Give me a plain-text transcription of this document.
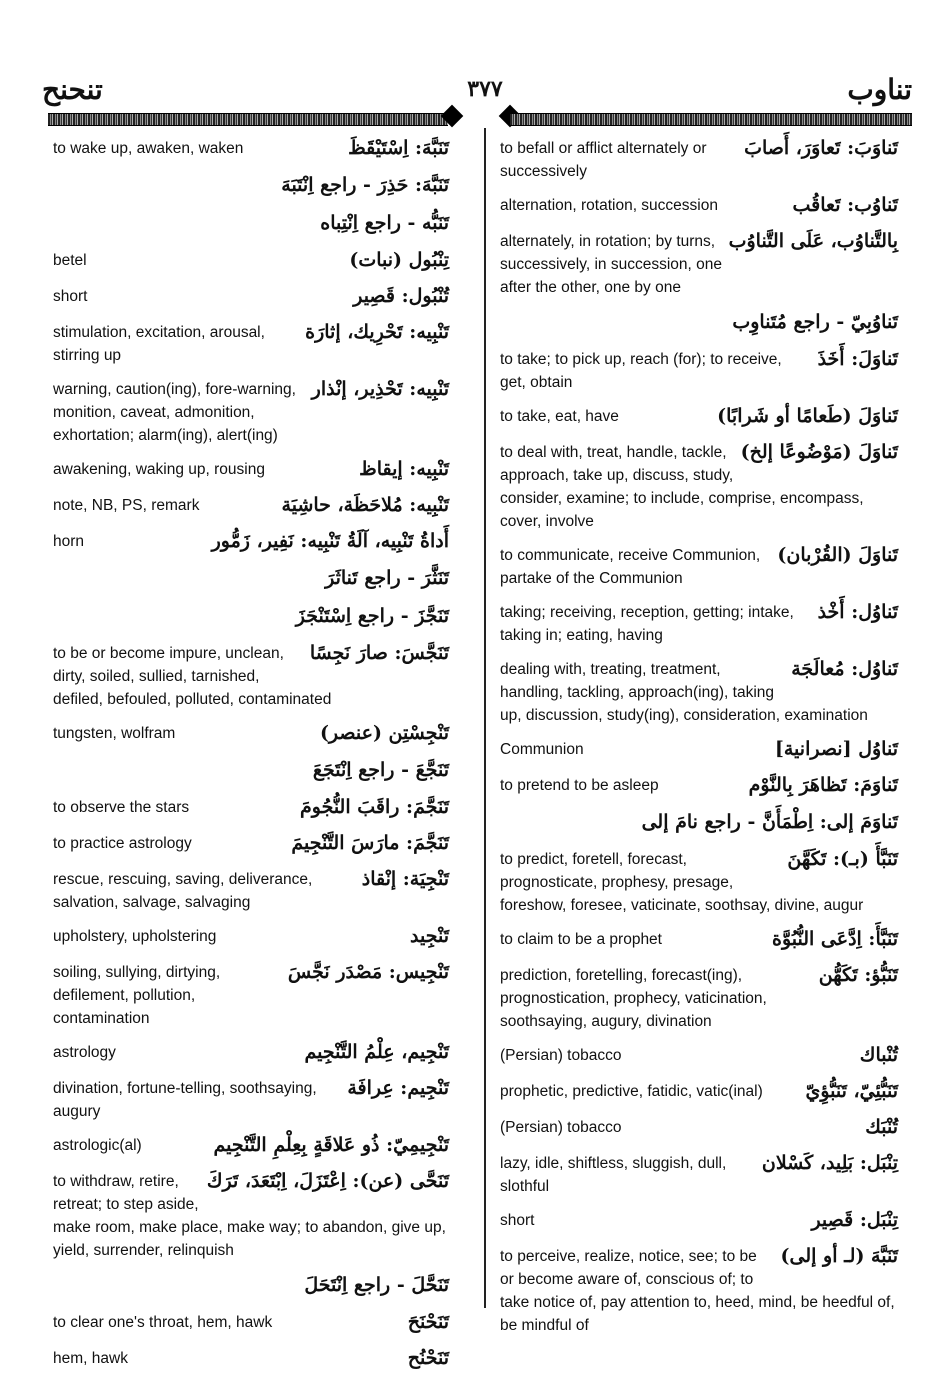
تنحنح	٣٧٧	تناوب
تَنَبَّهَ: اِسْتَيْقَظَ
to wake up, awaken, waken
تَنَبَّهَ: حَذِرَ - راجع اِنْتَبَهَ
تَنَبُّه - راجع اِنْتِباه
تِنْبُول (نبات)
betel
تُنْبُول: قَصِير
short
تَنْبِيه: تَحْرِيك، إثارَة
stimulation, excitation, arousal, stirring up
تَنْبِيه: تَحْذِير، إنْذار
warning, caution(ing), fore-warning, monition, caveat, admonition, exhortation; alarm(ing), alert(ing)
تَنْبِيه: إيقاظ
awakening, waking up, rousing
تَنْبِيه: مُلاحَظَة، حاشِيَة
note, NB, PS, remark
أَداةُ تَنْبِيه، آلَةُ تَنْبِيه: نَفِير، زَمُّور
horn
تَنَثَّرَ - راجع تَناثَرَ
تَنَجَّزَ - راجع اِسْتَنْجَزَ
تَنَجَّسَ: صارَ نَجِسًا
to be or become impure, unclean, dirty, soiled, sullied, tarnished, defiled, befouled, polluted, contaminated
تَنْجِسْتِن (عنصر)
tungsten, wolfram
تَنَجَّعَ - راجع اِنْتَجَعَ
تَنَجَّمَ: راقَبَ النُّجُومَ
to observe the stars
تَنَجَّمَ: مارَسَ التَّنْجِيمَ
to practice astrology
تَنْجِيَة: إنْقاذ
rescue, rescuing, saving, deliverance, salvation, salvage, salvaging
تَنْجِيد
upholstery, upholstering
تَنْجِيس: مَصْدَر نَجَّسَ
soiling, sullying, dirtying, defilement, pollution, contamination
تَنْجِيم، عِلْمُ التَّنْجِيم
astrology
تَنْجِيم: عِرافَة
divination, fortune-telling, soothsaying, augury
تَنْجِيمِيّ: ذُو عَلاقَةٍ بِعِلْمِ التَّنْجِيم
astrologic(al)
تَنَحَّى (عن): اِعْتَزَلَ، اِبْتَعَدَ، تَرَكَ
to withdraw, retire, retreat; to step aside, make room, make place, make way; to abandon, give up, yield, surrender, relinquish
تَنَحَّلَ - راجع اِنْتَحَلَ
تَنَحْنَحَ
to clear one's throat, hem, hawk
تَنَحْنُح
hem, hawk
تَناوَبَ: تَعاوَرَ، أَصابَ
to befall or afflict alternately or successively
تَناوُب: تَعاقُب
alternation, rotation, succession
بِالتَّناوُب، عَلَى التَّناوُب
alternately, in rotation; by turns, successively, in succession, one after the other, one by one
تَناوُبِيّ - راجع مُتَناوِب
تَناوَلَ: أَخَذَ
to take; to pick up, reach (for); to receive, get, obtain
تَناوَلَ (طَعامًا أو شَرابًا)
to take, eat, have
تَناوَلَ (مَوْضُوعًا إلخ)
to deal with, treat, handle, tackle, approach, take up, discuss, study, consider, examine; to include, comprise, encompass, cover, involve
تَناوَلَ (القُرْبان)
to communicate, receive Communion, partake of the Communion
تَناوُل: أَخْذ
taking; receiving, reception, getting; intake, taking in; eating, having
تَناوُل: مُعالَجَة
dealing with, treating, treatment, handling, tackling, approach(ing), taking up, discussion, study(ing), consideration, examination
تَناوُل [نصرانية]
Communion
تَناوَمَ: تَظاهَرَ بِالنَّوْم
to pretend to be asleep
تَناوَمَ إلى: اِطْمَأَنَّ - راجع نامَ إلى
تَنَبَّأَ (بـ): تَكَهَّنَ
to predict, foretell, forecast, prognosticate, prophesy, presage, foreshow, foresee, vaticinate, soothsay, divine, augur
تَنَبَّأَ: اِدَّعَى النُّبُوَّة
to claim to be a prophet
تَنَبُّؤ: تَكَهُّن
prediction, foretelling, forecast(ing), prognostication, prophecy, vaticination, soothsaying, augury, divination
تُنْباك
(Persian) tobacco
تَنَبُّئِيّ، تَنَبُّؤِيّ
prophetic, predictive, fatidic, vatic(inal)
تُنْبَك
(Persian) tobacco
تِنْبَل: بَلِيد، كَسْلان
lazy, idle, shiftless, sluggish, dull, slothful
تِنْبَل: قَصِير
short
تَنَبَّهَ (لـ أو إلى)
to perceive, realize, notice, see; to be or become aware of, conscious of; to take notice of, pay attention to, heed, mind, be heedful of, be mindful of
